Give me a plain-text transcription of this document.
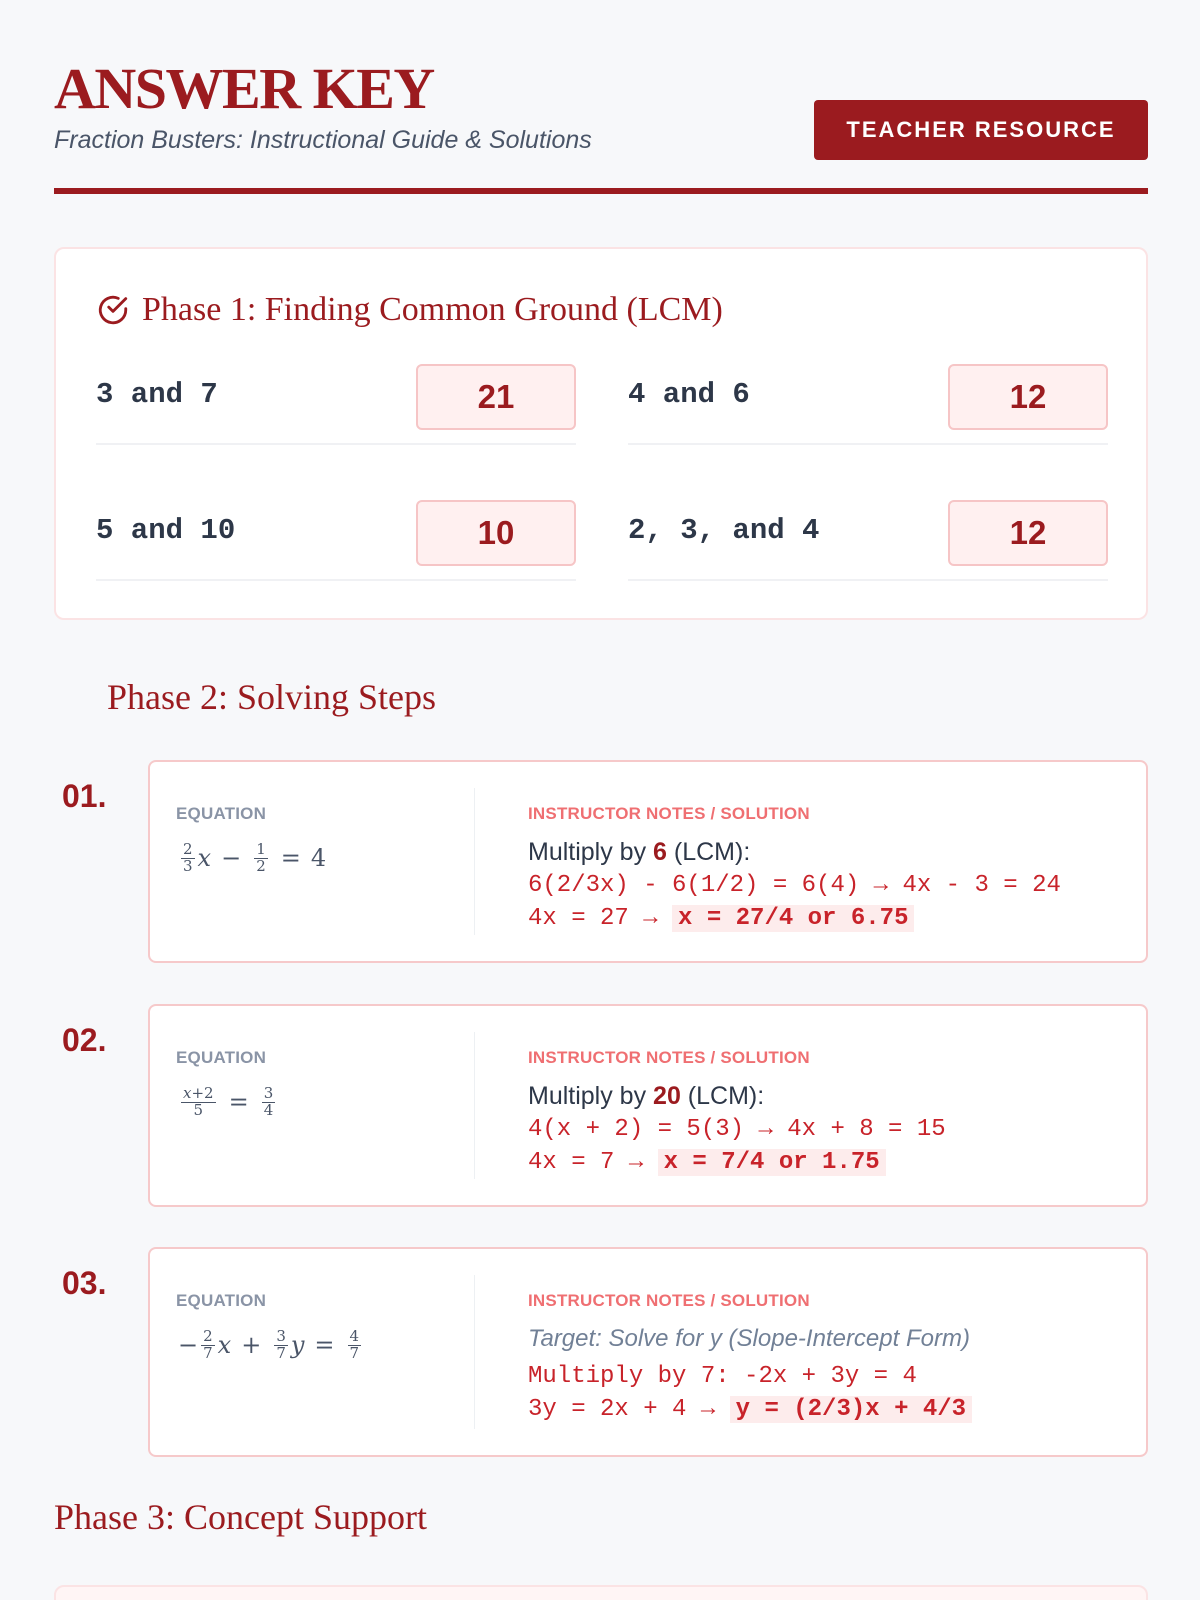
ANSWER KEY
Fraction Busters: Instructional Guide & Solutions	TEACHER RESOURCE
Phase 1: Finding Common Ground (LCM)
3 and 7	21	4 and 6	12
5 and 10	10	2, 3, and 4	12
Phase 2: Solving Steps
01.	EQUATION
$\frac{2}{3}$ $x - \frac{1}{2} = 4$
INSTRUCTOR NOTES / SOLUTION
Multiply by 6 (LCM):
6(2/3x) - 6(1/2) = 6(4) → 4x - 3 = 24
4x = 27 → x = 27/4 or 6.75
02.	EQUATION
$\frac{x+2}{5} = \frac{3}{4}$
INSTRUCTOR NOTES / SOLUTION
Multiply by 20 (LCM):
4(x + 2) = 5(3) → 4x + 8 = 15
4x = 7 → x = 7/4 or 1.75
03.	EQUATION
− $\frac{2}{7}$ $x + \frac{3}{7}$ $y = \frac{4}{7}$
INSTRUCTOR NOTES / SOLUTION
Target: Solve for y (Slope-Intercept Form)
Multiply by 7: -2x + 3y = 4
3y = 2x + 4 → y = (2/3)x + 4/3
Phase 3: Concept Support
